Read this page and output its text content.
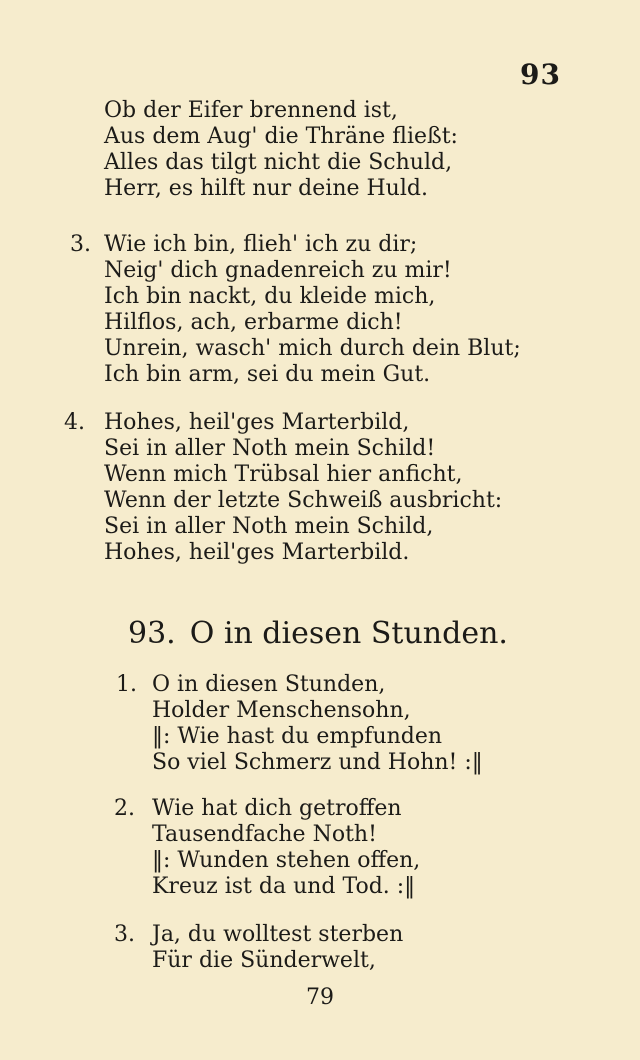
93
Ob der Eifer brennend ist,
Aus dem Aug' die Thräne fließt:
Alles das tilgt nicht die Schuld,
Herr, es hilft nur deine Huld.
3. Wie ich bin, flieh' ich zu dir;
Neig' dich gnadenreich zu mir!
Ich bin nackt, du kleide mich,
Hilflos, ach, erbarme dich!
Unrein, wasch' mich durch dein Blut;
Ich bin arm, sei du mein Gut.
4. Hohes, heil'ges Marterbild,
Sei in aller Noth mein Schild!
Wenn mich Trübsal hier anficht,
Wenn der letzte Schweiß ausbricht:
Sei in aller Noth mein Schild,
Hohes, heil'ges Marterbild.
93. O in diesen Stunden.
1. O in diesen Stunden,
Holder Menschensohn,
‖: Wie hast du empfunden
So viel Schmerz und Hohn! :‖
2. Wie hat dich getroffen
Tausendfache Noth!
‖: Wunden stehen offen,
Kreuz ist da und Tod. :‖
3. Ja, du wolltest sterben
Für die Sünderwelt,
79
